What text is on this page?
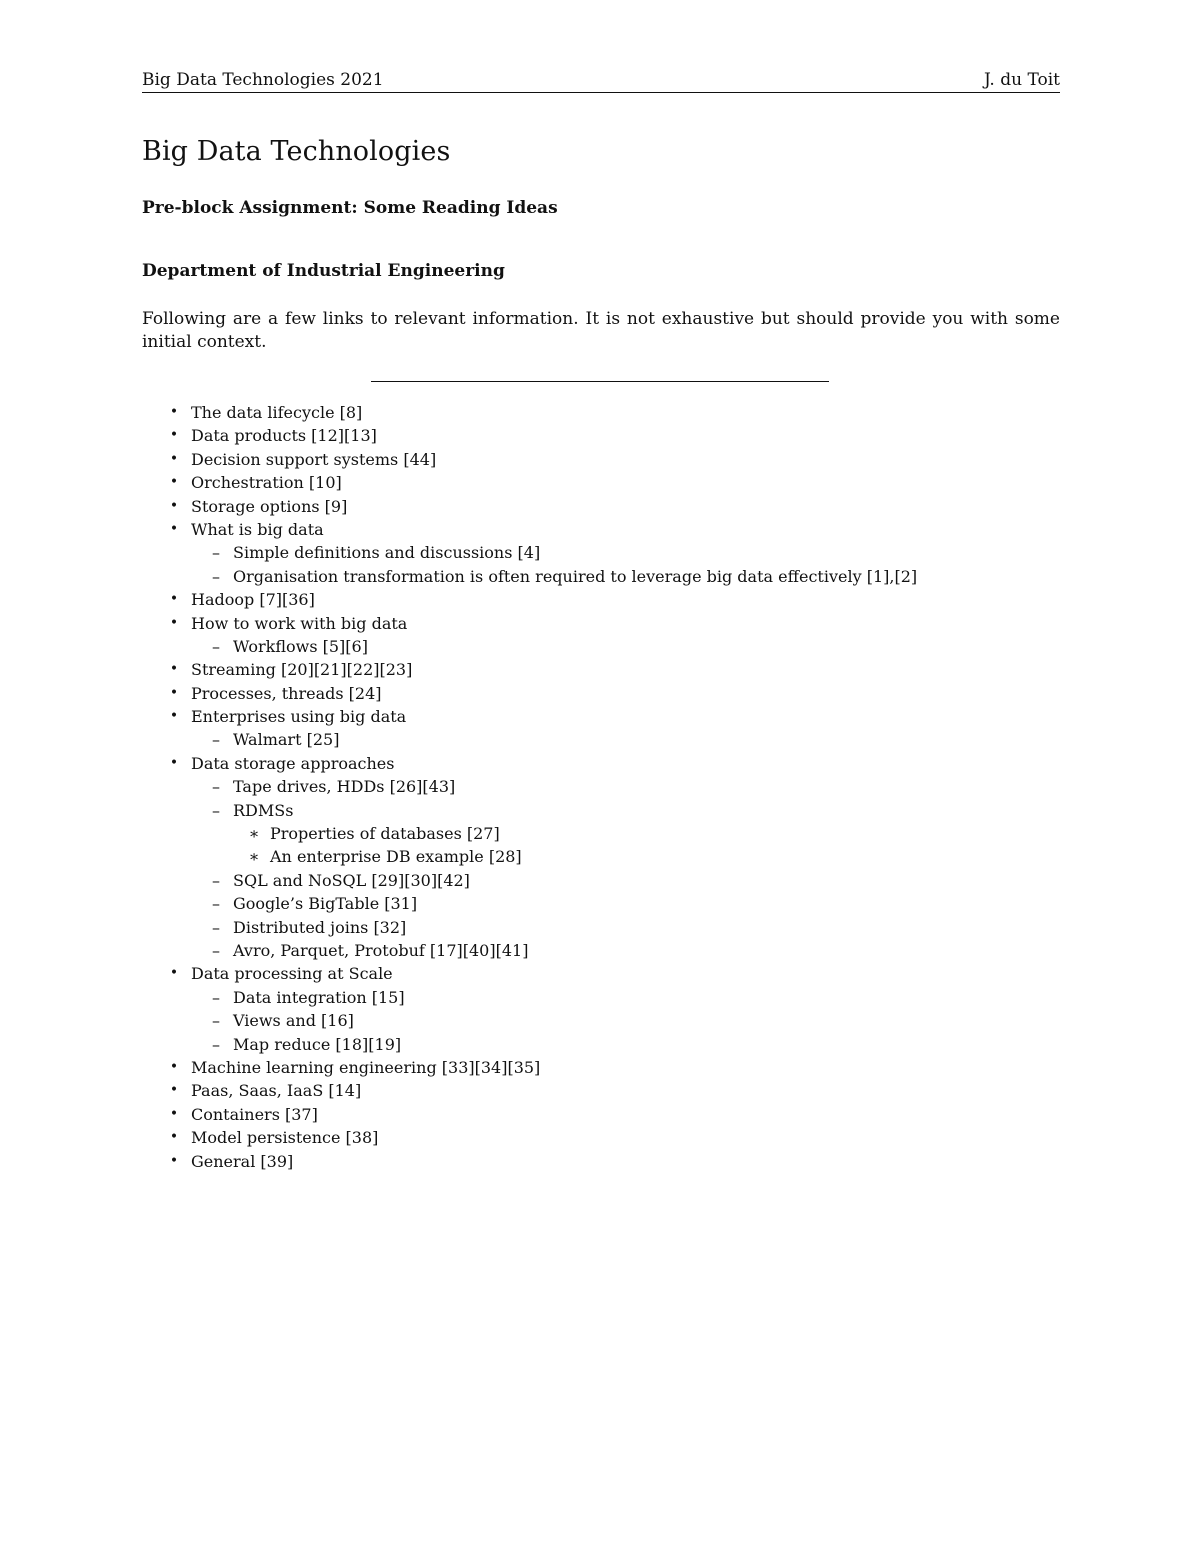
Big Data Technologies 2021	J. du Toit
Big Data Technologies
Pre-block Assignment: Some Reading Ideas
Department of Industrial Engineering

Following are a few links to relevant information. It is not exhaustive but should provide you with some initial context.

• The data lifecycle [8]
• Data products [12][13]
• Decision support systems [44]
• Orchestration [10]
• Storage options [9]
• What is big data
– Simple definitions and discussions [4]
– Organisation transformation is often required to leverage big data effectively [1],[2]
• Hadoop [7][36]
• How to work with big data
– Workflows [5][6]
• Streaming [20][21][22][23]
• Processes, threads [24]
• Enterprises using big data
– Walmart [25]
• Data storage approaches
– Tape drives, HDDs [26][43]
– RDMSs
∗ Properties of databases [27]
∗ An enterprise DB example [28]
– SQL and NoSQL [29][30][42]
– Google’s BigTable [31]
– Distributed joins [32]
– Avro, Parquet, Protobuf [17][40][41]
• Data processing at Scale
– Data integration [15]
– Views and [16]
– Map reduce [18][19]
• Machine learning engineering [33][34][35]
• Paas, Saas, IaaS [14]
• Containers [37]
• Model persistence [38]
• General [39]
